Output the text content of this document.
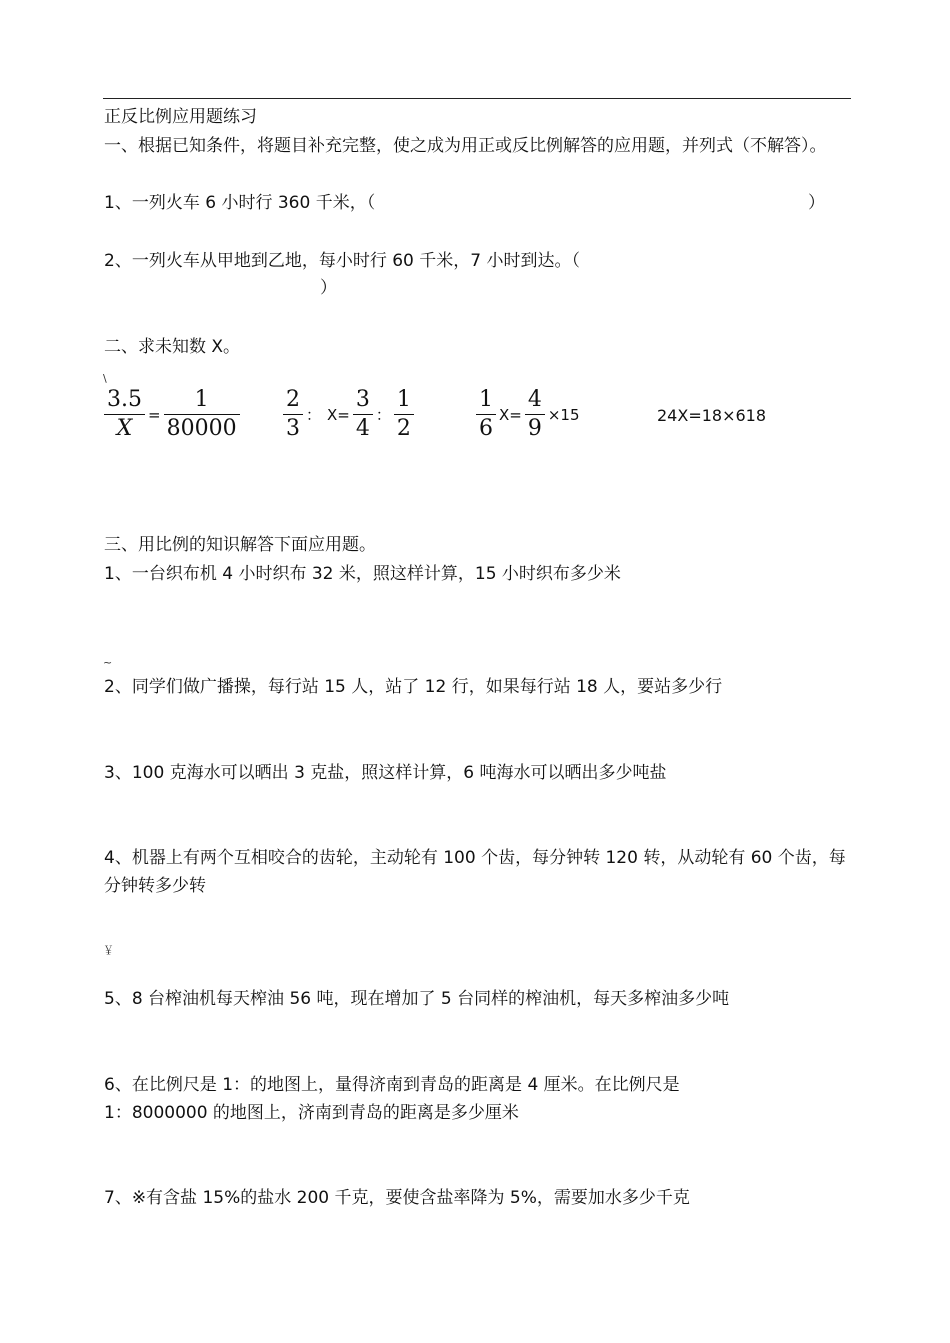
正反比例应用题练习
一、根据已知条件，将题目补充完整，使之成为用正或反比例解答的应用题，并列式（不解答）。
1、一列火车 6 小时行 360 千米，（	）
2、一列火车从甲地到乙地，每小时行 60 千米，7 小时到达。（
）
二、求未知数 X。
\
$\frac{3.5}{X} = \frac{1}{80000} \frac{2}{3}$ ： $X= \frac{3}{4}$ ： $\frac{1}{2}$	$\frac{1}{6} X= \frac{4}{9} \times 15$	24X=18×618
三、用比例的知识解答下面应用题。
1、一台织布机 4 小时织布 32 米，照这样计算，15 小时织布多少米
~
2、同学们做广播操，每行站 15 人，站了 12 行，如果每行站 18 人，要站多少行
3、100 克海水可以晒出 3 克盐，照这样计算，6 吨海水可以晒出多少吨盐
4、机器上有两个互相咬合的齿轮，主动轮有 100 个齿，每分钟转 120 转，从动轮有 60 个齿，每分钟转多少转
￥
5、8 台榨油机每天榨油 56 吨，现在增加了 5 台同样的榨油机，每天多榨油多少吨
6、在比例尺是 1：的地图上，量得济南到青岛的距离是 4 厘米。在比例尺是
1：8000000 的地图上，济南到青岛的距离是多少厘米
7、※有含盐 15%的盐水 200 千克，要使含盐率降为 5%，需要加水多少千克
